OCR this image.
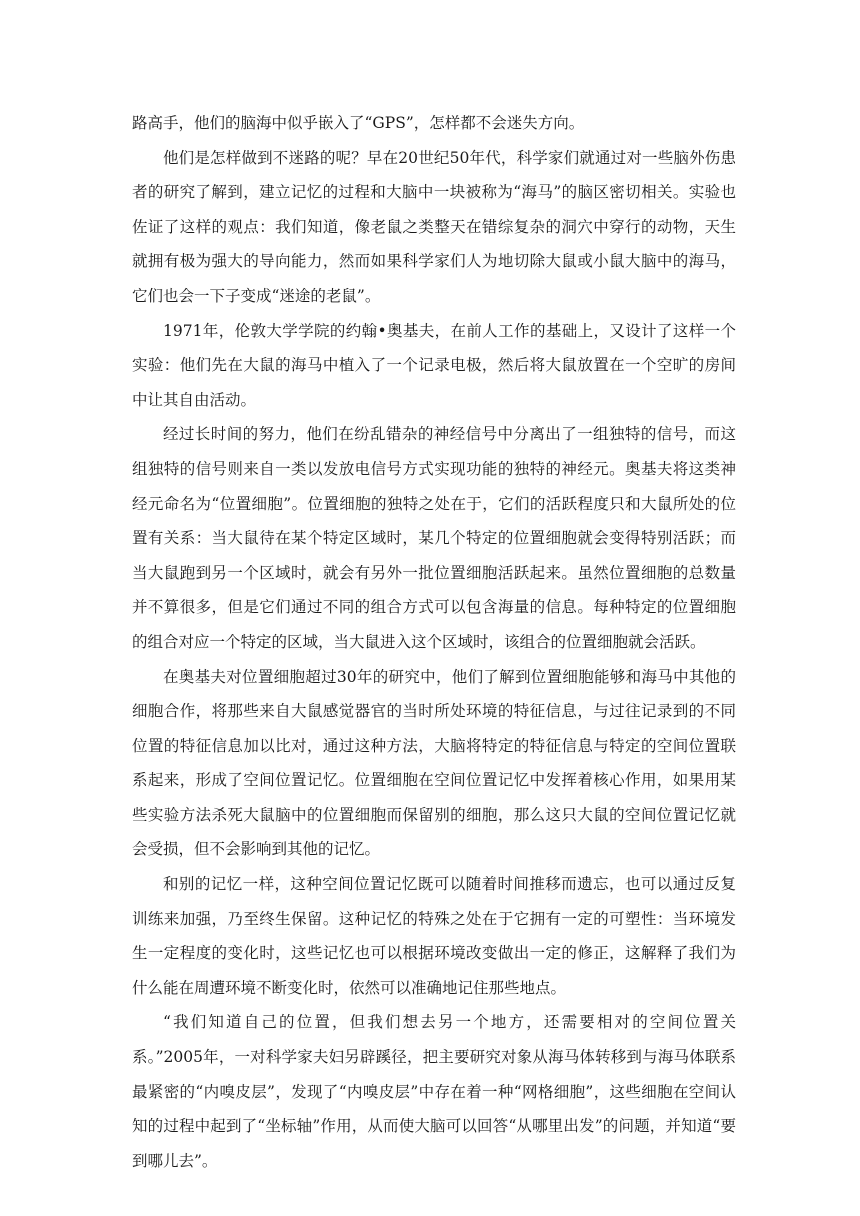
路高手，他们的脑海中似乎嵌入了“GPS”，怎样都不会迷失方向。

他们是怎样做到不迷路的呢？早在20世纪50年代，科学家们就通过对一些脑外伤患者的研究了解到，建立记忆的过程和大脑中一块被称为“海马”的脑区密切相关。实验也佐证了这样的观点：我们知道，像老鼠之类整天在错综复杂的洞穴中穿行的动物，天生就拥有极为强大的导向能力，然而如果科学家们人为地切除大鼠或小鼠大脑中的海马，它们也会一下子变成“迷途的老鼠”。

1971年，伦敦大学学院的约翰•奥基夫，在前人工作的基础上，又设计了这样一个实验：他们先在大鼠的海马中植入了一个记录电极，然后将大鼠放置在一个空旷的房间中让其自由活动。

经过长时间的努力，他们在纷乱错杂的神经信号中分离出了一组独特的信号，而这组独特的信号则来自一类以发放电信号方式实现功能的独特的神经元。奥基夫将这类神经元命名为“位置细胞”。位置细胞的独特之处在于，它们的活跃程度只和大鼠所处的位置有关系：当大鼠待在某个特定区域时，某几个特定的位置细胞就会变得特别活跃；而当大鼠跑到另一个区域时，就会有另外一批位置细胞活跃起来。虽然位置细胞的总数量并不算很多，但是它们通过不同的组合方式可以包含海量的信息。每种特定的位置细胞的组合对应一个特定的区域，当大鼠进入这个区域时，该组合的位置细胞就会活跃。

在奥基夫对位置细胞超过30年的研究中，他们了解到位置细胞能够和海马中其他的细胞合作，将那些来自大鼠感觉器官的当时所处环境的特征信息，与过往记录到的不同位置的特征信息加以比对，通过这种方法，大脑将特定的特征信息与特定的空间位置联系起来，形成了空间位置记忆。位置细胞在空间位置记忆中发挥着核心作用，如果用某些实验方法杀死大鼠脑中的位置细胞而保留别的细胞，那么这只大鼠的空间位置记忆就会受损，但不会影响到其他的记忆。

和别的记忆一样，这种空间位置记忆既可以随着时间推移而遗忘，也可以通过反复训练来加强，乃至终生保留。这种记忆的特殊之处在于它拥有一定的可塑性：当环境发生一定程度的变化时，这些记忆也可以根据环境改变做出一定的修正，这解释了我们为什么能在周遭环境不断变化时，依然可以准确地记住那些地点。

“我们知道自己的位置，但我们想去另一个地方，还需要相对的空间位置关系。”2005年，一对科学家夫妇另辟蹊径，把主要研究对象从海马体转移到与海马体联系最紧密的“内嗅皮层”，发现了“内嗅皮层”中存在着一种“网格细胞”，这些细胞在空间认知的过程中起到了“坐标轴”作用，从而使大脑可以回答“从哪里出发”的问题，并知道“要到哪儿去”。
